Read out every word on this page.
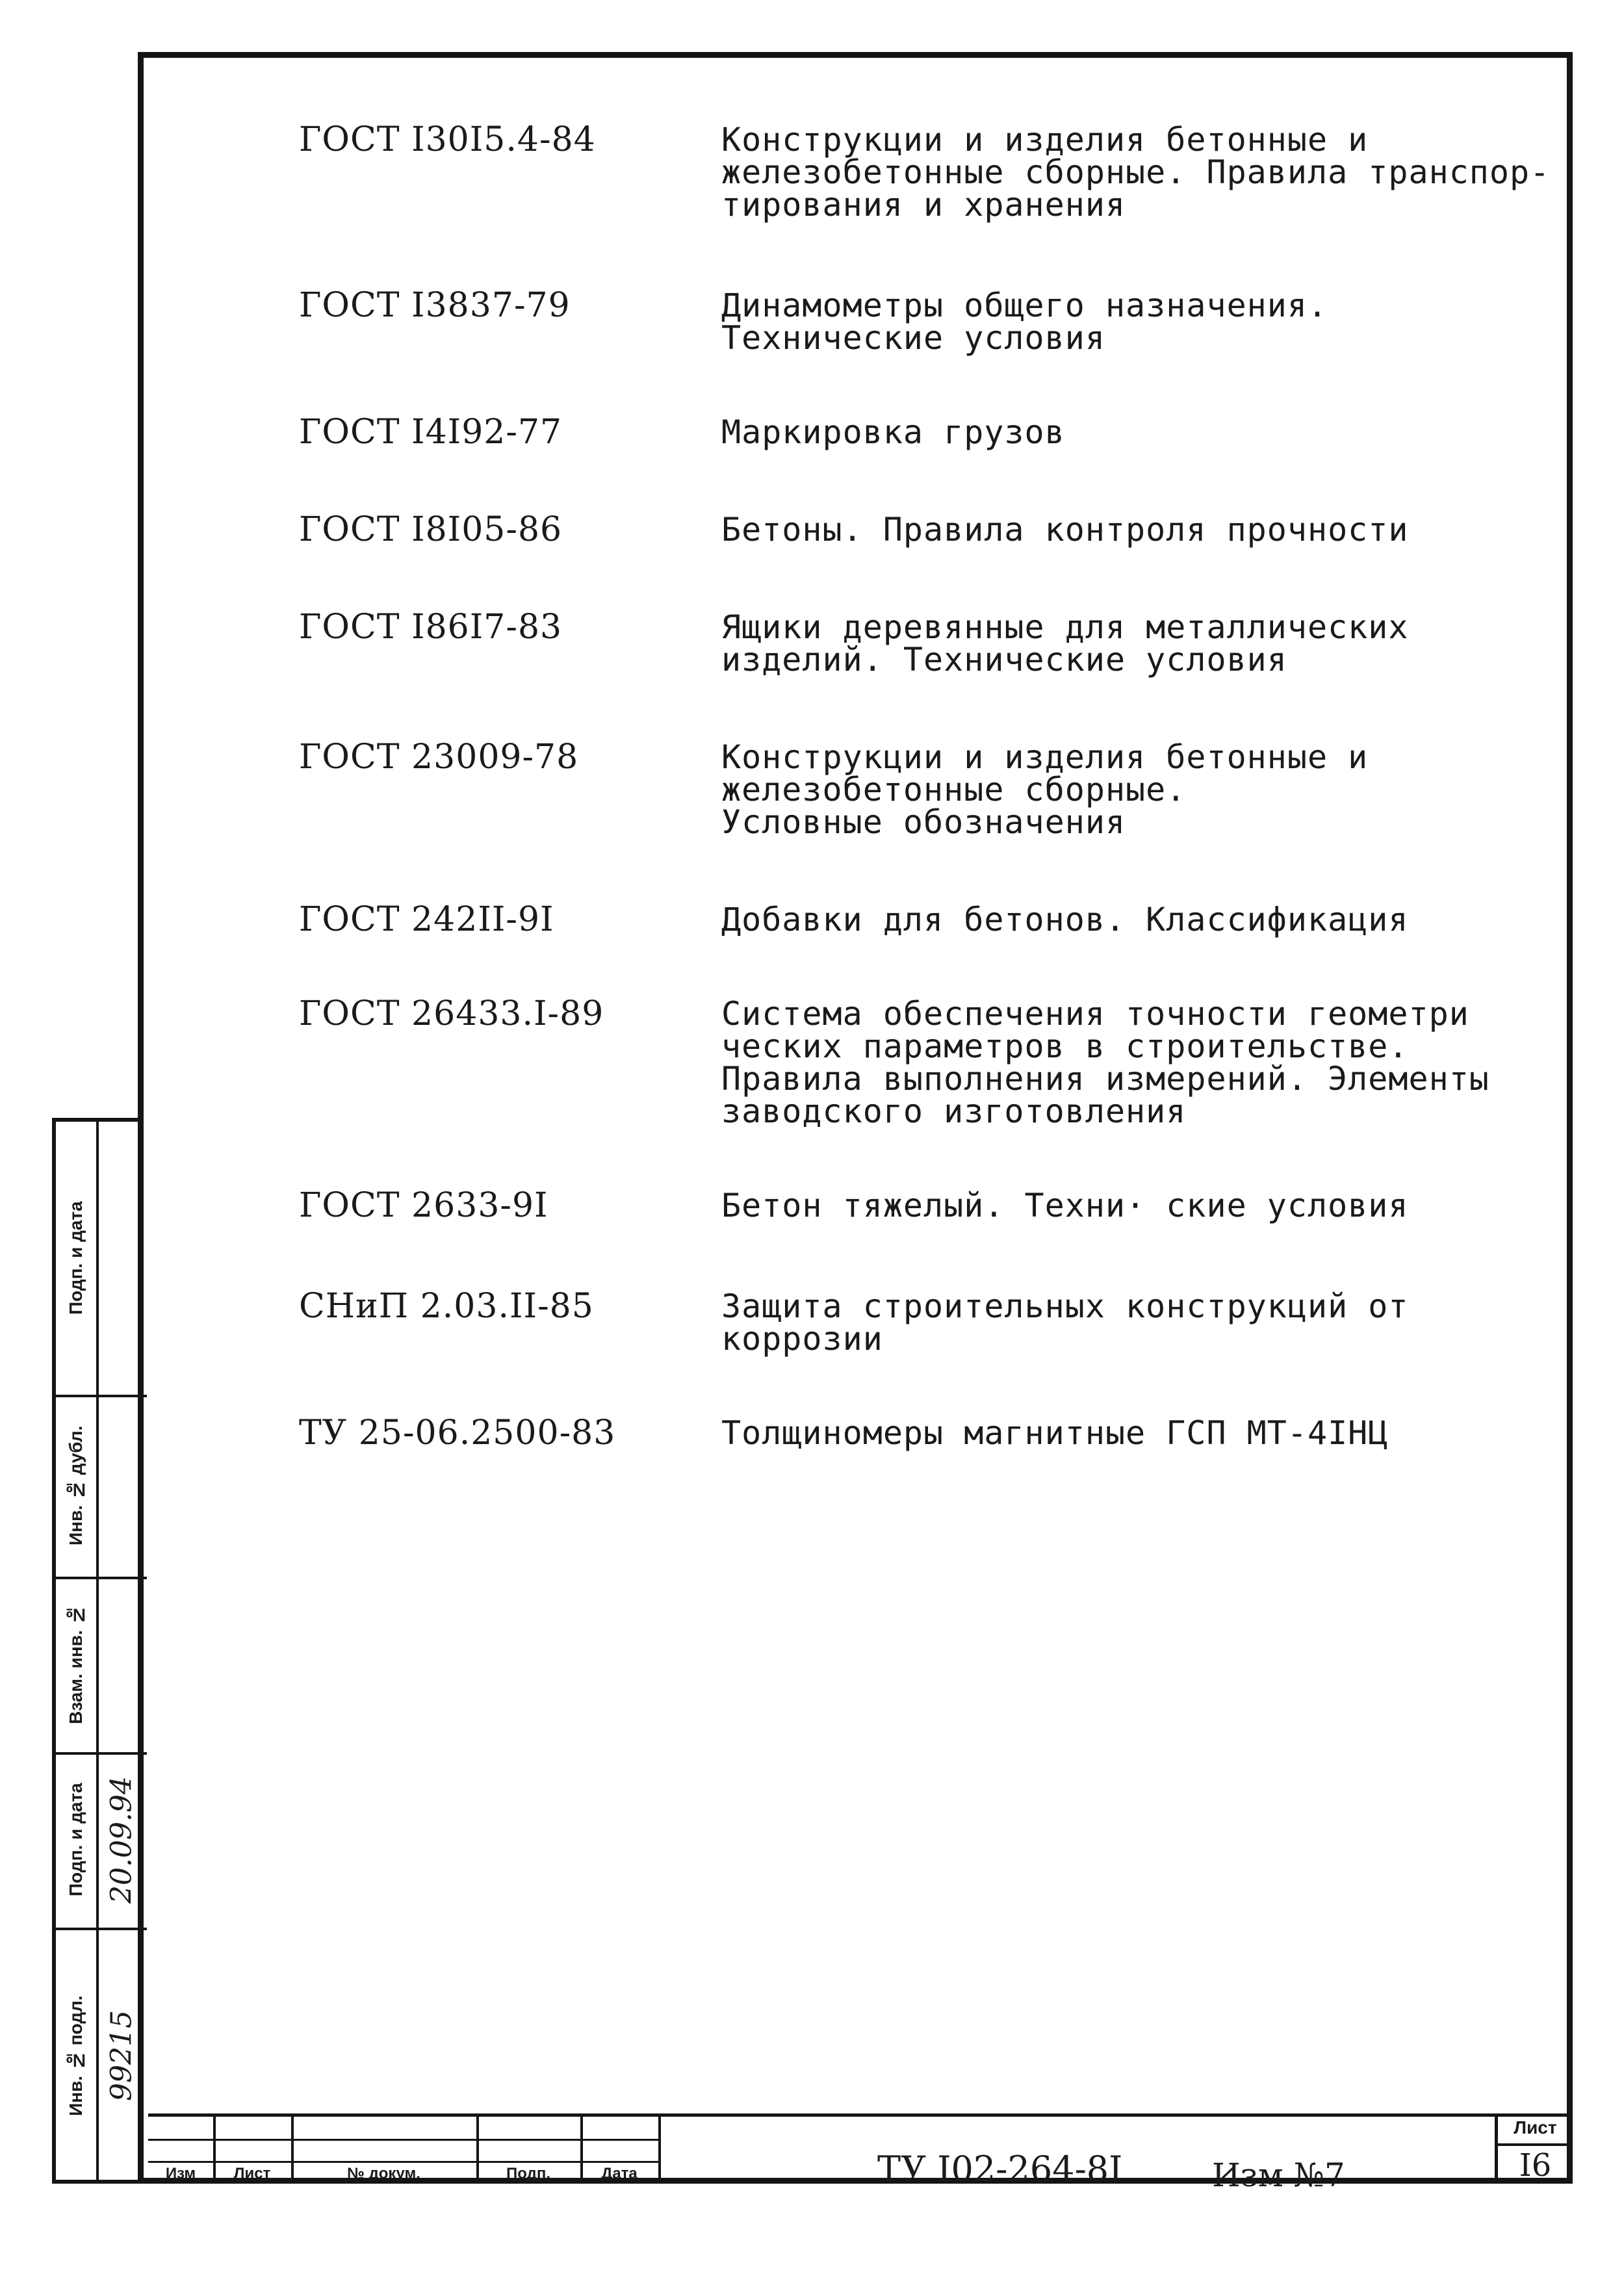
ГОСТ I30I5.4-84	Конструкции и изделия бетонные и
железобетонные сборные. Правила транспор-
тирования и хранения
ГОСТ I3837-79	Динамометры общего назначения.
Технические условия
ГОСТ I4I92-77	Маркировка грузов
ГОСТ I8I05-86	Бетоны. Правила контроля прочности
ГОСТ I86I7-83	Ящики деревянные для металлических
изделий. Технические условия
ГОСТ 23009-78	Конструкции и изделия бетонные и
железобетонные сборные.
Условные обозначения
ГОСТ 242II-9I	Добавки для бетонов. Классификация
ГОСТ 26433.I-89	Система обеспечения точности геометри
ческих параметров в строительстве.
Правила выполнения измерений. Элементы
заводского изготовления
ГОСТ 2633-9I	Бетон тяжелый. Техни· ские условия
СНиП 2.03.II-85	Защита строительных конструкций от
коррозии
ТУ 25-06.2500-83	Толщиномеры магнитные ГСП МТ-4IНЦ
Подп. и дата
Инв. № дубл.
Взам. инв. №
Подп. и дата
Инв. № подл.
20.09.94
99215
Изм	Лист	№ докум.	Подп.	Дата	ТУ I02-264-8I	Изм №7
Лист
I6
